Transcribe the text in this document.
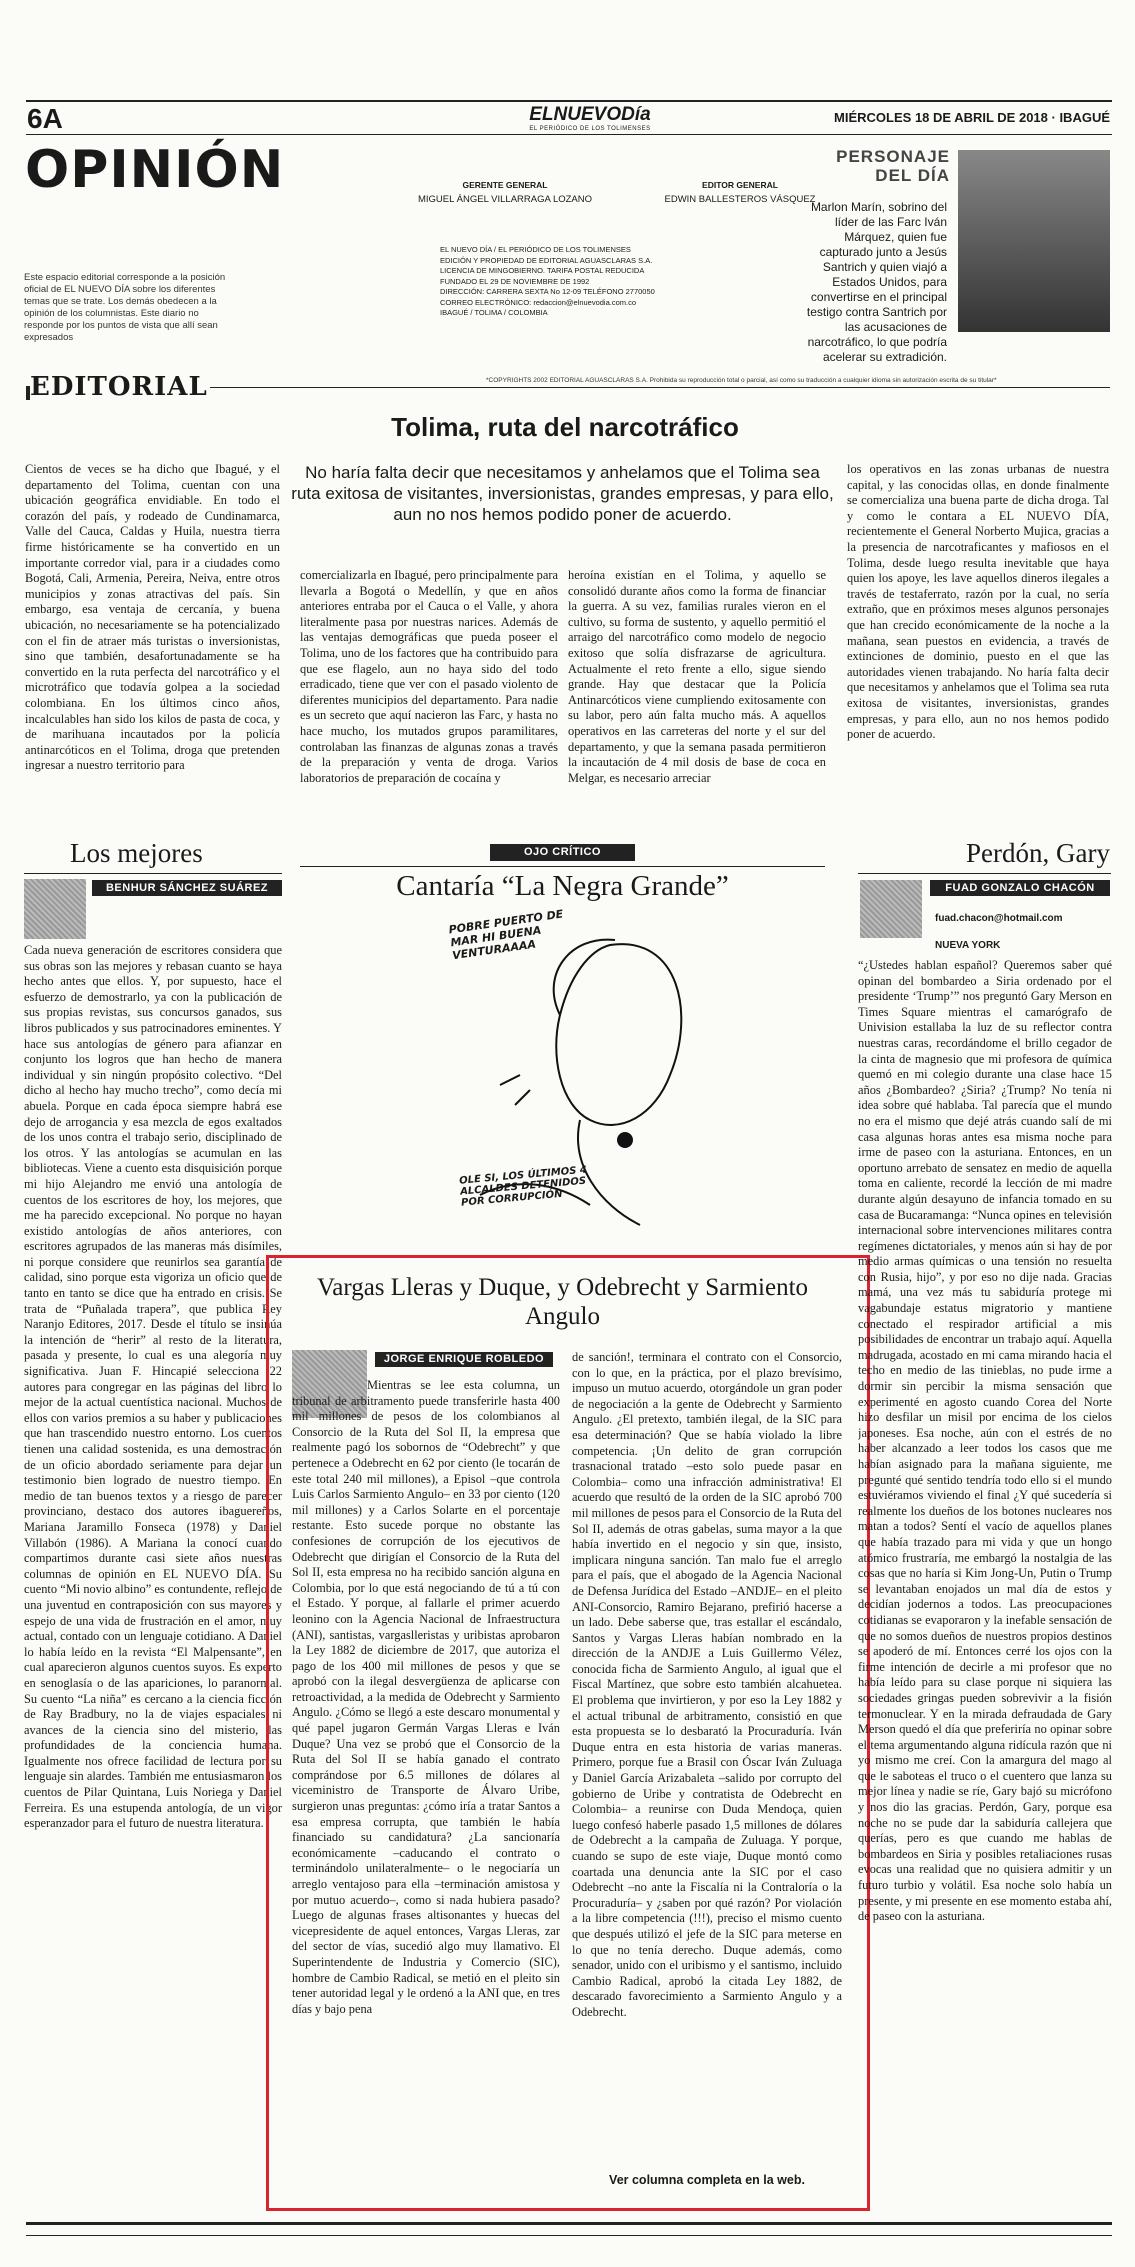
6A	ELNUEVODía
EL PERIÓDICO DE LOS TOLIMENSES
MIÉRCOLES 18 DE ABRIL DE 2018 · IBAGUÉ
OPINIÓN
Este espacio editorial corresponde a la posición oficial de EL NUEVO DÍA sobre los diferentes temas que se trate. Los demás obedecen a la opinión de los columnistas. Este diario no responde por los puntos de vista que allí sean expresados
GERENTE GENERAL
MIGUEL ÁNGEL VILLARRAGA LOZANO
EDITOR GENERAL
EDWIN BALLESTEROS VÁSQUEZ
EL NUEVO DÍA / EL PERIÓDICO DE LOS TOLIMENSES
EDICIÓN Y PROPIEDAD DE EDITORIAL AGUASCLARAS S.A.
LICENCIA DE MINGOBIERNO. TARIFA POSTAL REDUCIDA
FUNDADO EL 29 DE NOVIEMBRE DE 1992
DIRECCIÓN: CARRERA SEXTA No 12-09 TELÉFONO 2770050
CORREO ELECTRÓNICO: redaccion@elnuevodia.com.co
IBAGUÉ / TOLIMA / COLOMBIA
PERSONAJE DEL DÍA
Marlon Marín, sobrino del líder de las Farc Iván Márquez, quien fue capturado junto a Jesús Santrich y quien viajó a Estados Unidos, para convertirse en el principal testigo contra Santrich por las acusaciones de narcotráfico, lo que podría acelerar su extradición.
EDITORIAL	*COPYRIGHTS 2002 EDITORIAL AGUASCLARAS S.A. Prohibida su reproducción total o parcial, así como su traducción a cualquier idioma sin autorización escrita de su titular*
Tolima, ruta del narcotráfico
No haría falta decir que necesitamos y anhelamos que el Tolima sea ruta exitosa de visitantes, inversionistas, grandes empresas, y para ello, aun no nos hemos podido poner de acuerdo.
Cientos de veces se ha dicho que Ibagué, y el departamento del Tolima, cuentan con una ubicación geográfica envidiable. En todo el corazón del país, y rodeado de Cundinamarca, Valle del Cauca, Caldas y Huila, nuestra tierra firme históricamente se ha convertido en un importante corredor vial, para ir a ciudades como Bogotá, Cali, Armenia, Pereira, Neiva, entre otros municipios y zonas atractivas del país. Sin embargo, esa ventaja de cercanía, y buena ubicación, no necesariamente se ha potencializado con el fin de atraer más turistas o inversionistas, sino que también, desafortunadamente se ha convertido en la ruta perfecta del narcotráfico y el microtráfico que todavía golpea a la sociedad colombiana. En los últimos cinco años, incalculables han sido los kilos de pasta de coca, y de marihuana incautados por la policía antinarcóticos en el Tolima, droga que pretenden ingresar a nuestro territorio para
comercializarla en Ibagué, pero principalmente para llevarla a Bogotá o Medellín, y que en años anteriores entraba por el Cauca o el Valle, y ahora literalmente pasa por nuestras narices. Además de las ventajas demográficas que pueda poseer el Tolima, uno de los factores que ha contribuido para que ese flagelo, aun no haya sido del todo erradicado, tiene que ver con el pasado violento de diferentes municipios del departamento. Para nadie es un secreto que aquí nacieron las Farc, y hasta no hace mucho, los mutados grupos paramilitares, controlaban las finanzas de algunas zonas a través de la preparación y venta de droga. Varios laboratorios de preparación de cocaína y
heroína existían en el Tolima, y aquello se consolidó durante años como la forma de financiar la guerra. A su vez, familias rurales vieron en el cultivo, su forma de sustento, y aquello permitió el arraigo del narcotráfico como modelo de negocio exitoso que solía disfrazarse de agricultura. Actualmente el reto frente a ello, sigue siendo grande. Hay que destacar que la Policía Antinarcóticos viene cumpliendo exitosamente con su labor, pero aún falta mucho más. A aquellos operativos en las carreteras del norte y el sur del departamento, y que la semana pasada permitieron la incautación de 4 mil dosis de base de coca en Melgar, es necesario arreciar
los operativos en las zonas urbanas de nuestra capital, y las conocidas ollas, en donde finalmente se comercializa una buena parte de dicha droga. Tal y como le contara a EL NUEVO DÍA, recientemente el General Norberto Mujica, gracias a la presencia de narcotraficantes y mafiosos en el Tolima, desde luego resulta inevitable que haya quien los apoye, les lave aquellos dineros ilegales a través de testaferrato, razón por la cual, no sería extraño, que en próximos meses algunos personajes que han crecido económicamente de la noche a la mañana, sean puestos en evidencia, a través de extinciones de dominio, puesto en el que las autoridades vienen trabajando. No haría falta decir que necesitamos y anhelamos que el Tolima sea ruta exitosa de visitantes, inversionistas, grandes empresas, y para ello, aun no nos hemos podido poner de acuerdo.
Los mejores
BENHUR SÁNCHEZ SUÁREZ
Cada nueva generación de escritores considera que sus obras son las mejores y rebasan cuanto se haya hecho antes que ellos. Y, por supuesto, hace el esfuerzo de demostrarlo, ya con la publicación de sus propias revistas, sus concursos ganados, sus libros publicados y sus patrocinadores eminentes. Y hace sus antologías de género para afianzar en conjunto los logros que han hecho de manera individual y sin ningún propósito colectivo. “Del dicho al hecho hay mucho trecho”, como decía mi abuela. Porque en cada época siempre habrá ese dejo de arrogancia y esa mezcla de egos exaltados de los unos contra el trabajo serio, disciplinado de los otros. Y las antologías se acumulan en las bibliotecas. Viene a cuento esta disquisición porque mi hijo Alejandro me envió una antología de cuentos de los escritores de hoy, los mejores, que me ha parecido excepcional. No porque no hayan existido antologías de años anteriores, con escritores agrupados de las maneras más disímiles, ni porque considere que reunirlos sea garantía de calidad, sino porque esta vigoriza un oficio que de tanto en tanto se dice que ha entrado en crisis. Se trata de “Puñalada trapera”, que publica Rey Naranjo Editores, 2017. Desde el título se insinúa la intención de “herir” al resto de la literatura, pasada y presente, lo cual es una alegoría muy significativa. Juan F. Hincapié selecciona 22 autores para congregar en las páginas del libro lo mejor de la actual cuentística nacional. Muchos de ellos con varios premios a su haber y publicaciones que han trascendido nuestro entorno. Los cuentos tienen una calidad sostenida, es una demostración de un oficio abordado seriamente para dejar un testimonio bien logrado de nuestro tiempo. En medio de tan buenos textos y a riesgo de parecer provinciano, destaco dos autores ibaguereños, Mariana Jaramillo Fonseca (1978) y Daniel Villabón (1986). A Mariana la conocí cuando compartimos durante casi siete años nuestras columnas de opinión en EL NUEVO DÍA. Su cuento “Mi novio albino” es contundente, reflejo de una juventud en contraposición con sus mayores y espejo de una vida de frustración en el amor, muy actual, contado con un lenguaje cotidiano. A Daniel lo había leído en la revista “El Malpensante”, en cual aparecieron algunos cuentos suyos. Es experto en senoglasía o de las apariciones, lo paranormal. Su cuento “La niña” es cercano a la ciencia ficción de Ray Bradbury, no la de viajes espaciales ni avances de la ciencia sino del misterio, las profundidades de la conciencia humana. Igualmente nos ofrece facilidad de lectura por su lenguaje sin alardes. También me entusiasmaron los cuentos de Pilar Quintana, Luis Noriega y Daniel Ferreira. Es una estupenda antología, de un vigor esperanzador para el futuro de nuestra literatura.
OJO CRÍTICO
Cantaría “La Negra Grande”
POBRE PUERTO DE MAR HI BUENA VENTURAAAA
OLE SI, LOS ÚLTIMOS 4 ALCALDES DETENIDOS POR CORRUPCIÓN
Vargas Lleras y Duque, y Odebrecht y Sarmiento Angulo
JORGE ENRIQUE ROBLEDO
Mientras se lee esta columna, un tribunal de arbitramento puede transferirle hasta 400 mil millones de pesos de los colombianos al Consorcio de la Ruta del Sol II, la empresa que realmente pagó los sobornos de “Odebrecht” y que pertenece a Odebrecht en 62 por ciento (le tocarán de este total 240 mil millones), a Episol –que controla Luis Carlos Sarmiento Angulo– en 33 por ciento (120 mil millones) y a Carlos Solarte en el porcentaje restante. Esto sucede porque no obstante las confesiones de corrupción de los ejecutivos de Odebrecht que dirigían el Consorcio de la Ruta del Sol II, esta empresa no ha recibido sanción alguna en Colombia, por lo que está negociando de tú a tú con el Estado. Y porque, al fallarle el primer acuerdo leonino con la Agencia Nacional de Infraestructura (ANI), santistas, vargaslleristas y uribistas aprobaron la Ley 1882 de diciembre de 2017, que autoriza el pago de los 400 mil millones de pesos y que se aprobó con la ilegal desvergüenza de aplicarse con retroactividad, a la medida de Odebrecht y Sarmiento Angulo. ¿Cómo se llegó a este descaro monumental y qué papel jugaron Germán Vargas Lleras e Iván Duque? Una vez se probó que el Consorcio de la Ruta del Sol II se había ganado el contrato comprándose por 6.5 millones de dólares al viceministro de Transporte de Álvaro Uribe, surgieron unas preguntas: ¿cómo iría a tratar Santos a esa empresa corrupta, que también le había financiado su candidatura? ¿La sancionaría económicamente –caducando el contrato o terminándolo unilateralmente– o le negociaría un arreglo ventajoso para ella –terminación amistosa y por mutuo acuerdo–, como si nada hubiera pasado? Luego de algunas frases altisonantes y huecas del vicepresidente de aquel entonces, Vargas Lleras, zar del sector de vías, sucedió algo muy llamativo. El Superintendente de Industria y Comercio (SIC), hombre de Cambio Radical, se metió en el pleito sin tener autoridad legal y le ordenó a la ANI que, en tres días y bajo pena
de sanción!, terminara el contrato con el Consorcio, con lo que, en la práctica, por el plazo brevísimo, impuso un mutuo acuerdo, otorgándole un gran poder de negociación a la gente de Odebrecht y Sarmiento Angulo. ¿El pretexto, también ilegal, de la SIC para esa determinación? Que se había violado la libre competencia. ¡Un delito de gran corrupción trasnacional tratado –esto solo puede pasar en Colombia– como una infracción administrativa! El acuerdo que resultó de la orden de la SIC aprobó 700 mil millones de pesos para el Consorcio de la Ruta del Sol II, además de otras gabelas, suma mayor a la que había invertido en el negocio y sin que, insisto, implicara ninguna sanción. Tan malo fue el arreglo para el país, que el abogado de la Agencia Nacional de Defensa Jurídica del Estado –ANDJE– en el pleito ANI-Consorcio, Ramiro Bejarano, prefirió hacerse a un lado. Debe saberse que, tras estallar el escándalo, Santos y Vargas Lleras habían nombrado en la dirección de la ANDJE a Luis Guillermo Vélez, conocida ficha de Sarmiento Angulo, al igual que el Fiscal Martínez, que sobre esto también alcahueteа. El problema que invirtieron, y por eso la Ley 1882 y el actual tribunal de arbitramento, consistió en que esta propuesta se lo desbarató la Procuraduría. Iván Duque entra en esta historia de varias maneras. Primero, porque fue a Brasil con Óscar Iván Zuluaga y Daniel García Arizabaleta –salido por corrupto del gobierno de Uribe y contratista de Odebrecht en Colombia– a reunirse con Duda Mendoça, quien luego confesó haberle pasado 1,5 millones de dólares de Odebrecht a la campaña de Zuluaga. Y porque, cuando se supo de este viaje, Duque montó como coartada una denuncia ante la SIC por el caso Odebrecht –no ante la Fiscalía ni la Contraloría o la Procuraduría– y ¿saben por qué razón? Por violación a la libre competencia (!!!), preciso el mismo cuento que después utilizó el jefe de la SIC para meterse en lo que no tenía derecho. Duque además, como senador, unido con el uribismo y el santismo, incluido Cambio Radical, aprobó la citada Ley 1882, de descarado favorecimiento a Sarmiento Angulo y a Odebrecht.
Ver columna completa en la web.
Perdón, Gary
FUAD GONZALO CHACÓN
fuad.chacon@hotmail.com
NUEVA YORK
“¿Ustedes hablan español? Queremos saber qué opinan del bombardeo a Siria ordenado por el presidente ‘Trump’” nos preguntó Gary Merson en Times Square mientras el camarógrafo de Univision estallaba la luz de su reflector contra nuestras caras, recordándome el brillo cegador de la cinta de magnesio que mi profesora de química quemó en mi colegio durante una clase hace 15 años ¿Bombardeo? ¿Siria? ¿Trump? No tenía ni idea sobre qué hablaba. Tal parecía que el mundo no era el mismo que dejé atrás cuando salí de mi casa algunas horas antes esa misma noche para irme de paseo con la asturiana. Entonces, en un oportuno arrebato de sensatez en medio de aquella toma en caliente, recordé la lección de mi madre durante algún desayuno de infancia tomado en su casa de Bucaramanga: “Nunca opines en televisión internacional sobre intervenciones militares contra regímenes dictatoriales, y menos aún si hay de por medio armas químicas o una tensión no resuelta con Rusia, hijo”, y por eso no dije nada. Gracias mamá, una vez más tu sabiduría protege mi vagabundaje estatus migratorio y mantiene conectado el respirador artificial a mis posibilidades de encontrar un trabajo aquí. Aquella madrugada, acostado en mi cama mirando hacia el techo en medio de las tinieblas, no pude irme a dormir sin percibir la misma sensación que experimenté en agosto cuando Corea del Norte hizo desfilar un misil por encima de los cielos japoneses. Esa noche, aún con el estrés de no haber alcanzado a leer todos los casos que me habían asignado para la mañana siguiente, me pregunté qué sentido tendría todo ello si el mundo estuviéramos viviendo el final ¿Y qué sucedería si realmente los dueños de los botones nucleares nos matan a todos? Sentí el vacío de aquellos planes que había trazado para mi vida y que un hongo atómico frustraría, me embargó la nostalgia de las cosas que no haría si Kim Jong-Un, Putin o Trump se levantaban enojados un mal día de estos y decidían jodernos a todos. Las preocupaciones cotidianas se evaporaron y la inefable sensación de que no somos dueños de nuestros propios destinos se apoderó de mí. Entonces cerré los ojos con la firme intención de decirle a mi profesor que no había leído para su clase porque ni siquiera las sociedades gringas pueden sobrevivir a la fisión termonuclear. Y en la mirada defraudada de Gary Merson quedó el día que preferiría no opinar sobre el tema argumentando alguna ridícula razón que ni yo mismo me creí. Con la amargura del mago al que le saboteas el truco o el cuentero que lanza su mejor línea y nadie se ríe, Gary bajó su micrófono y nos dio las gracias. Perdón, Gary, porque esa noche no se pude dar la sabiduría callejera que querías, pero es que cuando me hablas de bombardeos en Siria y posibles retaliaciones rusas evocas una realidad que no quisiera admitir y un futuro turbio y volátil. Esa noche solo había un presente, y mi presente en ese momento estaba ahí, de paseo con la asturiana.
